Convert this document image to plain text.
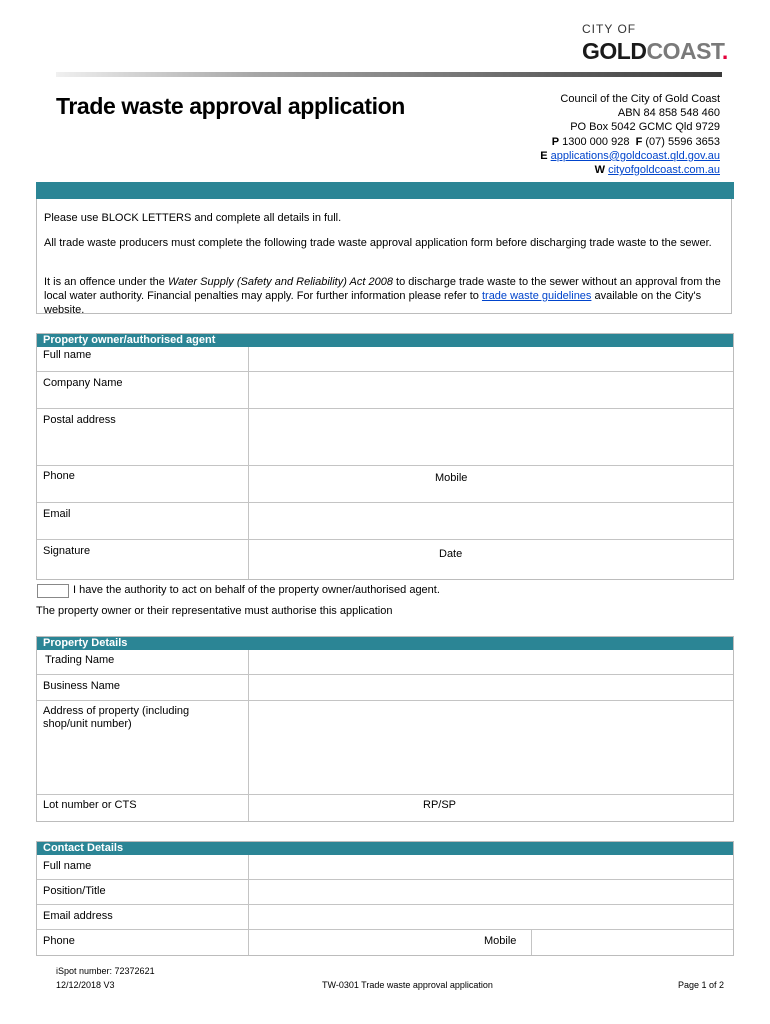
CITY OF
GOLDCOAST.
Trade waste approval application	Council of the City of Gold Coast
ABN 84 858 548 460
PO Box 5042 GCMC Qld 9729
P 1300 000 928 F (07) 5596 3653
E applications@goldcoast.qld.gov.au
W cityofgoldcoast.com.au

Please use BLOCK LETTERS and complete all details in full.

All trade waste producers must complete the following trade waste approval application form before discharging trade waste to the sewer.

It is an offence under the Water Supply (Safety and Reliability) Act 2008 to discharge trade waste to the sewer without an approval from the local water authority. Financial penalties may apply. For further information please refer to trade waste guidelines available on the City's website.

Property owner/authorised agent
Full name
Company Name
Postal address
Phone	Mobile
Email
Signature	Date
I have the authority to act on behalf of the property owner/authorised agent.
The property owner or their representative must authorise this application
Property Details
Trading Name
Business Name
Address of property (including shop/unit number)
Lot number or CTS	RP/SP
Contact Details
Full name
Position/Title
Email address
Phone	Mobile
iSpot number: 72372621
12/12/2018 V3	TW-0301 Trade waste approval application	Page 1 of 2
